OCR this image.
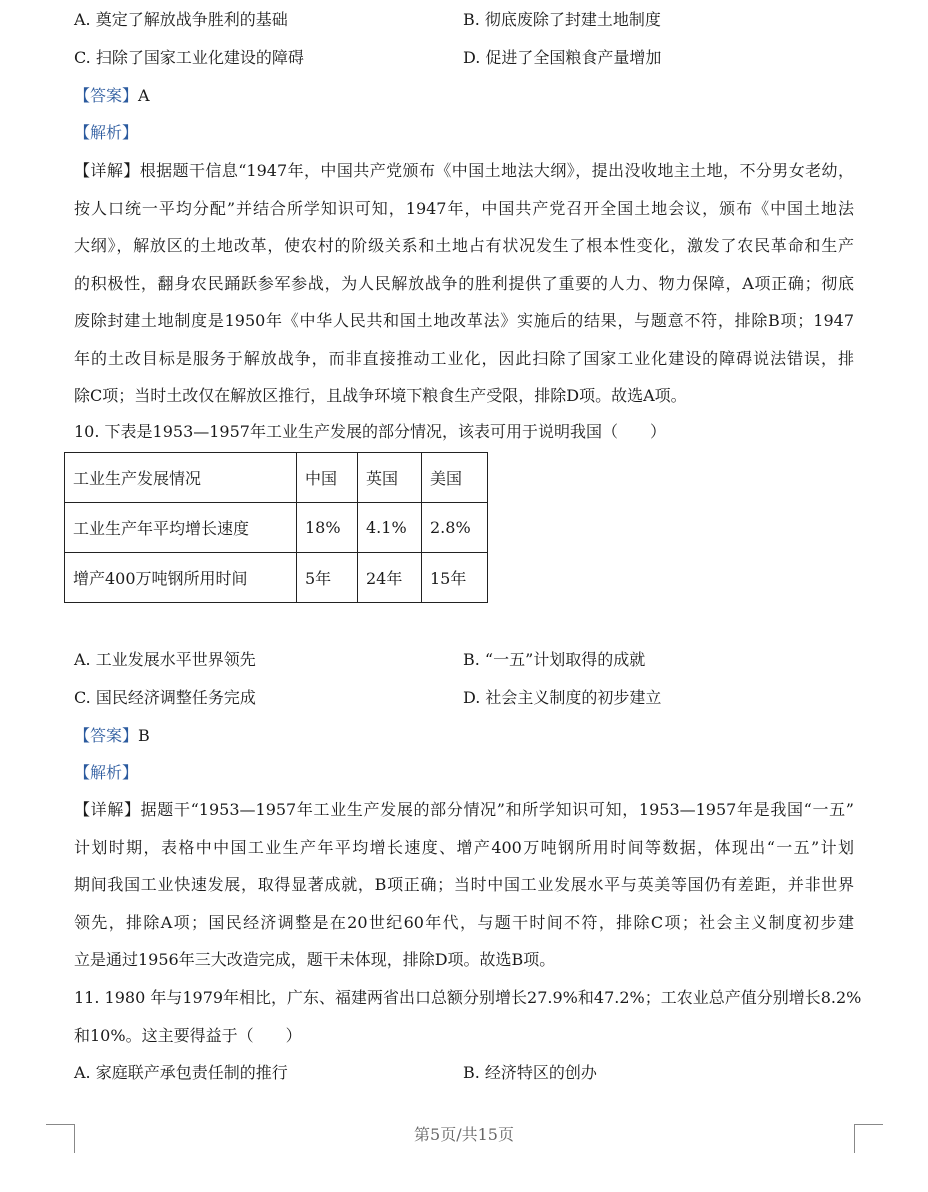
A. 奠定了解放战争胜利的基础	B. 彻底废除了封建土地制度
C. 扫除了国家工业化建设的障碍	D. 促进了全国粮食产量增加
【答案】A
【解析】
【详解】根据题干信息“1947年，中国共产党颁布《中国土地法大纲》，提出没收地主土地，不分男女老幼，
按人口统一平均分配”并结合所学知识可知，1947年，中国共产党召开全国土地会议，颁布《中国土地法
大纲》，解放区的土地改革，使农村的阶级关系和土地占有状况发生了根本性变化，激发了农民革命和生产
的积极性，翻身农民踊跃参军参战，为人民解放战争的胜利提供了重要的人力、物力保障，A项正确；彻底
废除封建土地制度是1950年《中华人民共和国土地改革法》实施后的结果，与题意不符，排除B项；1947
年的土改目标是服务于解放战争，而非直接推动工业化，因此扫除了国家工业化建设的障碍说法错误，排
除C项；当时土改仅在解放区推行，且战争环境下粮食生产受限，排除D项。故选A项。
10. 下表是1953—1957年工业生产发展的部分情况，该表可用于说明我国（　　）
工业生产发展情况	中国	英国	美国
工业生产年平均增长速度	18%	4.1%	2.8%
增产400万吨钢所用时间	5年	24年	15年
A. 工业发展水平世界领先	B. “一五”计划取得的成就
C. 国民经济调整任务完成	D. 社会主义制度的初步建立
【答案】B
【解析】
【详解】据题干“1953—1957年工业生产发展的部分情况”和所学知识可知，1953—1957年是我国“一五”
计划时期，表格中中国工业生产年平均增长速度、增产400万吨钢所用时间等数据，体现出“一五”计划
期间我国工业快速发展，取得显著成就，B项正确；当时中国工业发展水平与英美等国仍有差距，并非世界
领先，排除A项；国民经济调整是在20世纪60年代，与题干时间不符，排除C项；社会主义制度初步建
立是通过1956年三大改造完成，题干未体现，排除D项。故选B项。
11. 1980 年与1979年相比，广东、福建两省出口总额分别增长27.9%和47.2%；工农业总产值分别增长8.2%
和10%。这主要得益于（　　）
A. 家庭联产承包责任制的推行	B. 经济特区的创办
第5页/共15页
